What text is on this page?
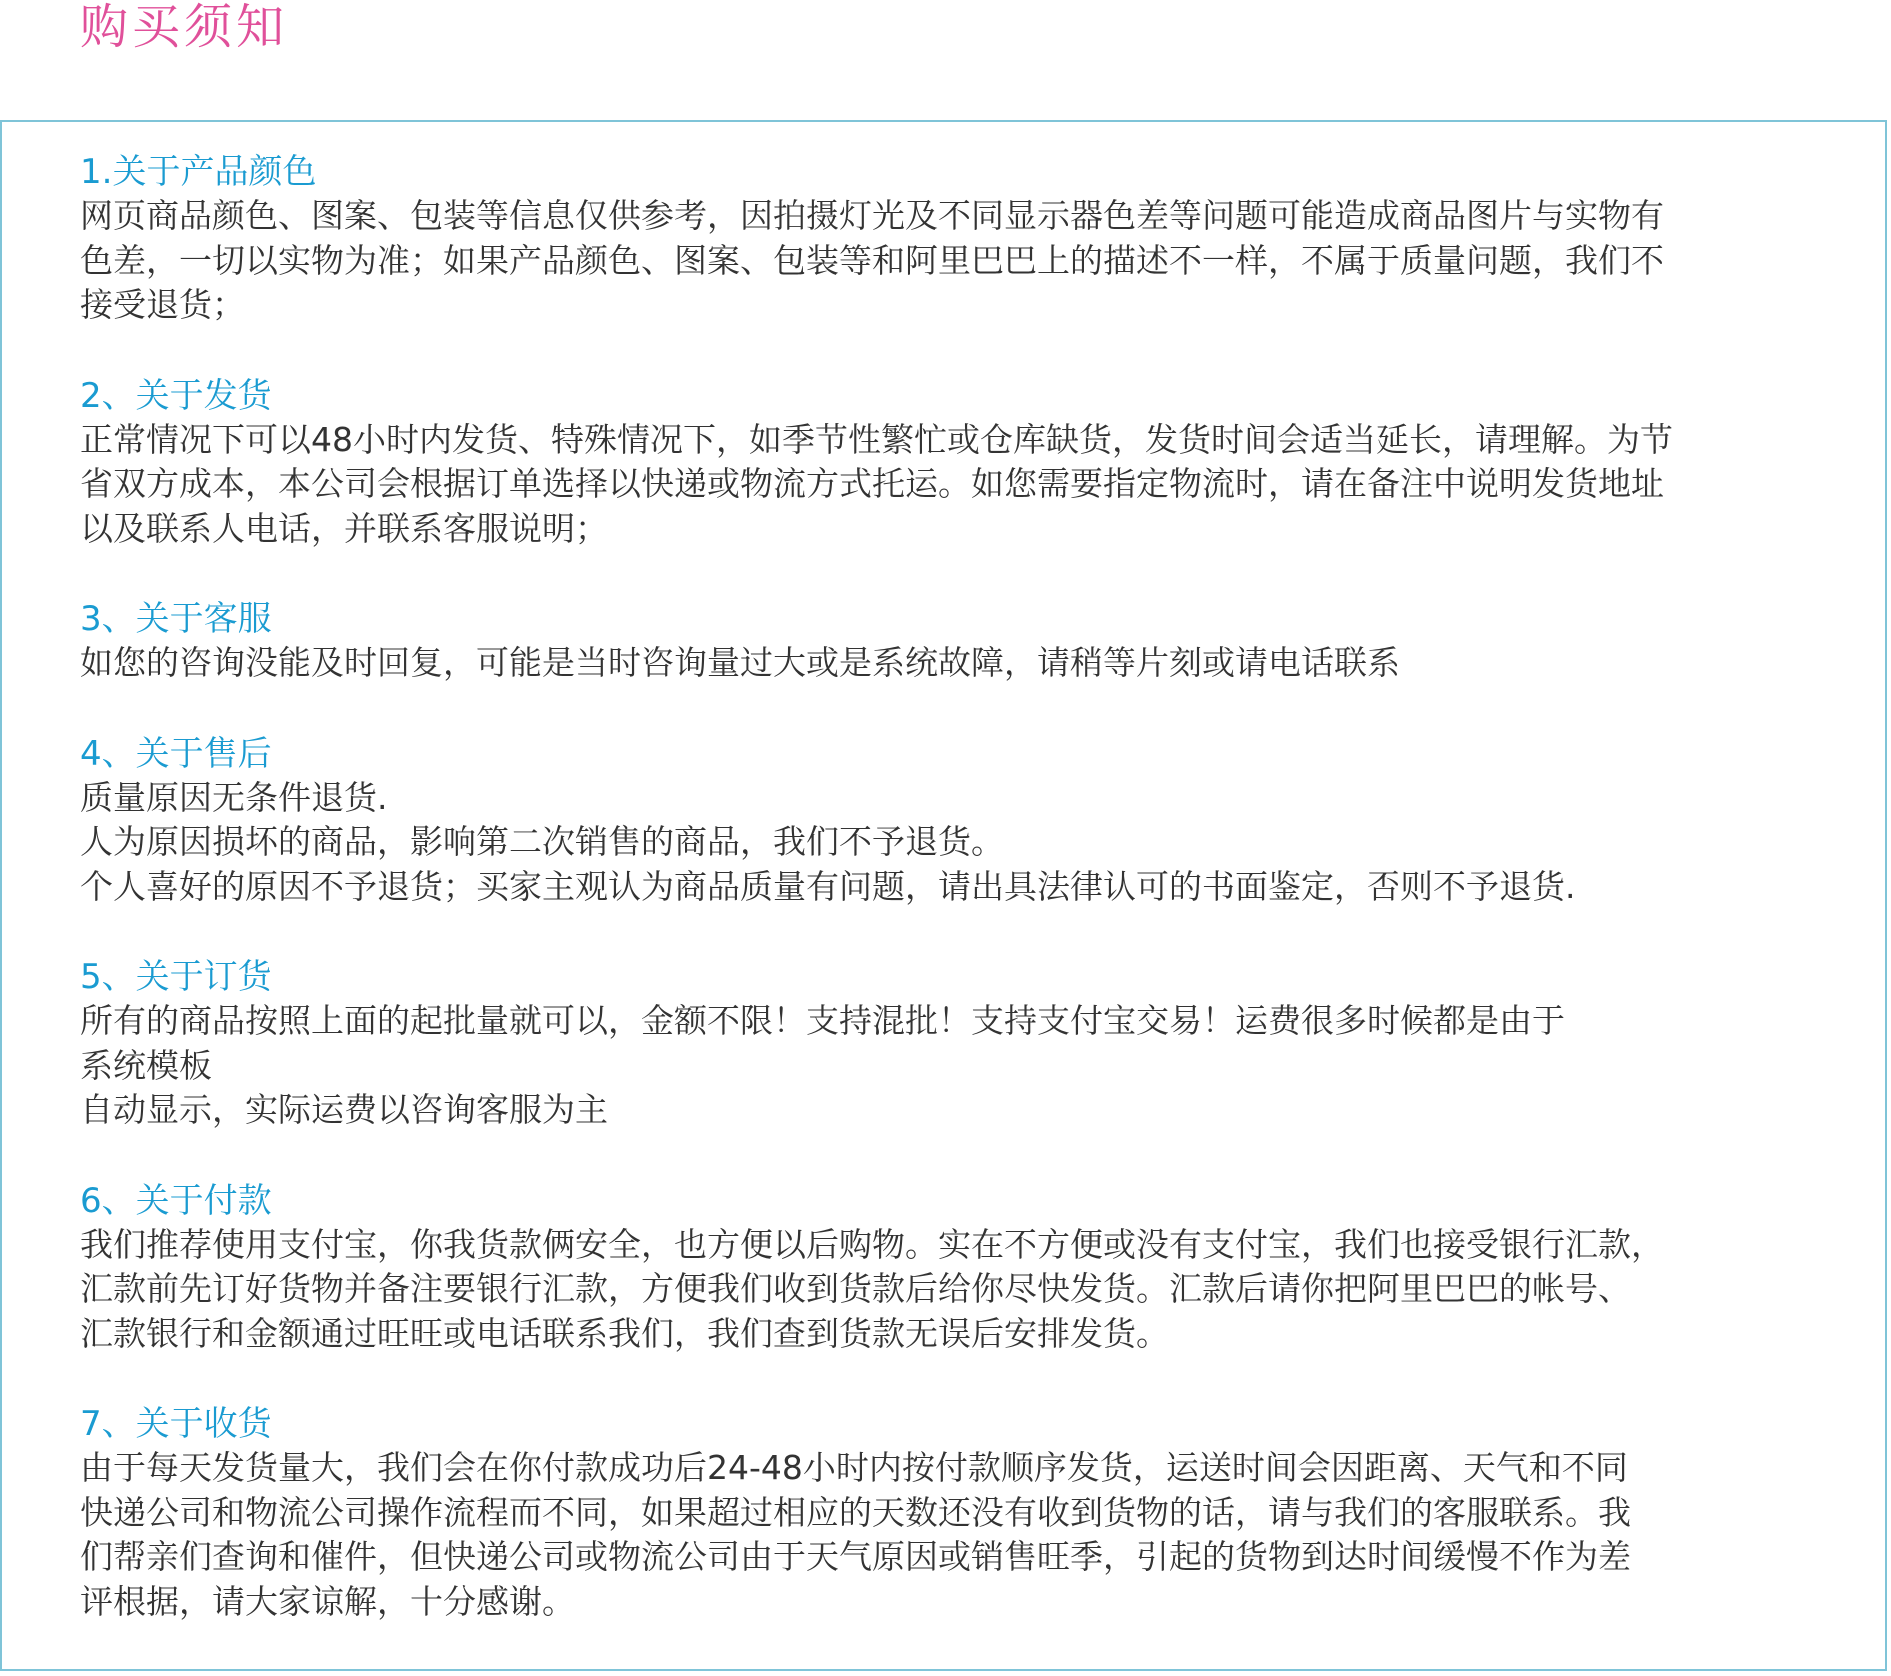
购买须知
1.关于产品颜色

网页商品颜色、图案、包装等信息仅供参考，因拍摄灯光及不同显示器色差等问题可能造成商品图片与实物有

色差，一切以实物为准；如果产品颜色、图案、包装等和阿里巴巴上的描述不一样，不属于质量问题，我们不

接受退货；

2、关于发货

正常情况下可以48小时内发货、特殊情况下，如季节性繁忙或仓库缺货，发货时间会适当延长，请理解。为节

省双方成本，本公司会根据订单选择以快递或物流方式托运。如您需要指定物流时，请在备注中说明发货地址

以及联系人电话，并联系客服说明；

3、关于客服

如您的咨询没能及时回复，可能是当时咨询量过大或是系统故障，请稍等片刻或请电话联系

4、关于售后

质量原因无条件退货.

人为原因损坏的商品，影响第二次销售的商品，我们不予退货。

个人喜好的原因不予退货；买家主观认为商品质量有问题，请出具法律认可的书面鉴定，否则不予退货.

5、关于订货

所有的商品按照上面的起批量就可以，金额不限！支持混批！支持支付宝交易！运费很多时候都是由于

系统模板

自动显示，实际运费以咨询客服为主

6、关于付款

我们推荐使用支付宝，你我货款俩安全，也方便以后购物。实在不方便或没有支付宝，我们也接受银行汇款，

汇款前先订好货物并备注要银行汇款，方便我们收到货款后给你尽快发货。汇款后请你把阿里巴巴的帐号、

汇款银行和金额通过旺旺或电话联系我们，我们查到货款无误后安排发货。

7、关于收货

由于每天发货量大，我们会在你付款成功后24-48小时内按付款顺序发货，运送时间会因距离、天气和不同

快递公司和物流公司操作流程而不同，如果超过相应的天数还没有收到货物的话，请与我们的客服联系。我

们帮亲们查询和催件，但快递公司或物流公司由于天气原因或销售旺季，引起的货物到达时间缓慢不作为差

评根据，请大家谅解，十分感谢。
